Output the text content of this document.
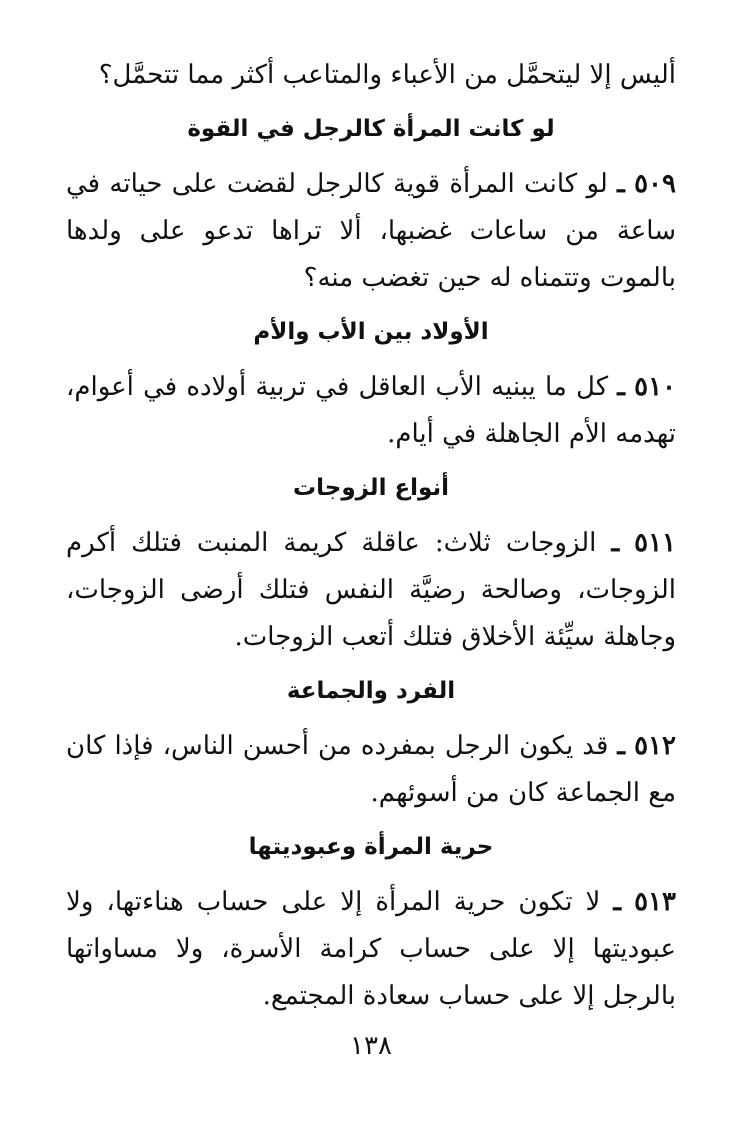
أليس إلا ليتحمَّل من الأعباء والمتاعب أكثر مما تتحمَّل؟
لو كانت المرأة كالرجل في القوة

٥٠٩ ـ لو كانت المرأة قوية كالرجل لقضت على حياته في ساعة من ساعات غضبها، ألا تراها تدعو على ولدها بالموت وتتمناه له حين تغضب منه؟

الأولاد بين الأب والأم

٥١٠ ـ كل ما يبنيه الأب العاقل في تربية أولاده في أعوام، تهدمه الأم الجاهلة في أيام.

أنواع الزوجات

٥١١ ـ الزوجات ثلاث: عاقلة كريمة المنبت فتلك أكرم الزوجات، وصالحة رضيَّة النفس فتلك أرضى الزوجات، وجاهلة سيِّئة الأخلاق فتلك أتعب الزوجات.

الفرد والجماعة

٥١٢ ـ قد يكون الرجل بمفرده من أحسن الناس، فإذا كان مع الجماعة كان من أسوئهم.

حرية المرأة وعبوديتها

٥١٣ ـ لا تكون حرية المرأة إلا على حساب هناءتها، ولا عبوديتها إلا على حساب كرامة الأسرة، ولا مساواتها بالرجل إلا على حساب سعادة المجتمع.

١٣٨
